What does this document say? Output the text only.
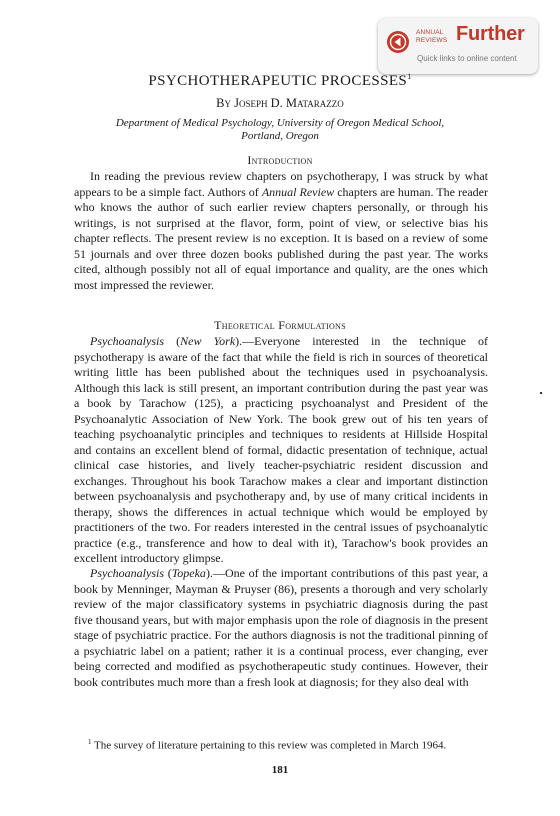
ANNUAL
REVIEWS Further
Quick links to online content
PSYCHOTHERAPEUTIC PROCESSES$^1$
By Joseph D. Matarazzo
Department of Medical Psychology, University of Oregon Medical School,
Portland, Oregon
Introduction

In reading the previous review chapters on psychotherapy, I was struck by what appears to be a simple fact. Authors of Annual Review chapters are human. The reader who knows the author of such earlier review chapters personally, or through his writings, is not surprised at the flavor, form, point of view, or selective bias his chapter reflects. The present review is no exception. It is based on a review of some 51 journals and over three dozen books published during the past year. The works cited, although possibly not all of equal importance and quality, are the ones which most impressed the reviewer.

Theoretical Formulations

Psychoanalysis (New York).—Everyone interested in the technique of psychotherapy is aware of the fact that while the field is rich in sources of theoretical writing little has been published about the techniques used in psychoanalysis. Although this lack is still present, an important contribution during the past year was a book by Tarachow (125), a practicing psychoanalyst and President of the Psychoanalytic Association of New York. The book grew out of his ten years of teaching psychoanalytic principles and techniques to residents at Hillside Hospital and contains an excellent blend of formal, didactic presentation of technique, actual clinical case histories, and lively teacher-psychiatric resident discussion and exchanges. Throughout his book Tarachow makes a clear and important distinction between psychoanalysis and psychotherapy and, by use of many critical incidents in therapy, shows the differences in actual technique which would be employed by practitioners of the two. For readers interested in the central issues of psychoanalytic practice (e.g., transference and how to deal with it), Tarachow's book provides an excellent introductory glimpse.

Psychoanalysis (Topeka).—One of the important contributions of this past year, a book by Menninger, Mayman & Pruyser (86), presents a thorough and very scholarly review of the major classificatory systems in psychiatric diagnosis during the past five thousand years, but with major emphasis upon the role of diagnosis in the present stage of psychiatric practice. For the authors diagnosis is not the traditional pinning of a psychiatric label on a patient; rather it is a continual process, ever changing, ever being corrected and modified as psychotherapeutic study continues. However, their book contributes much more than a fresh look at diagnosis; for they also deal with

$^1$ The survey of literature pertaining to this review was completed in March 1964.
181
